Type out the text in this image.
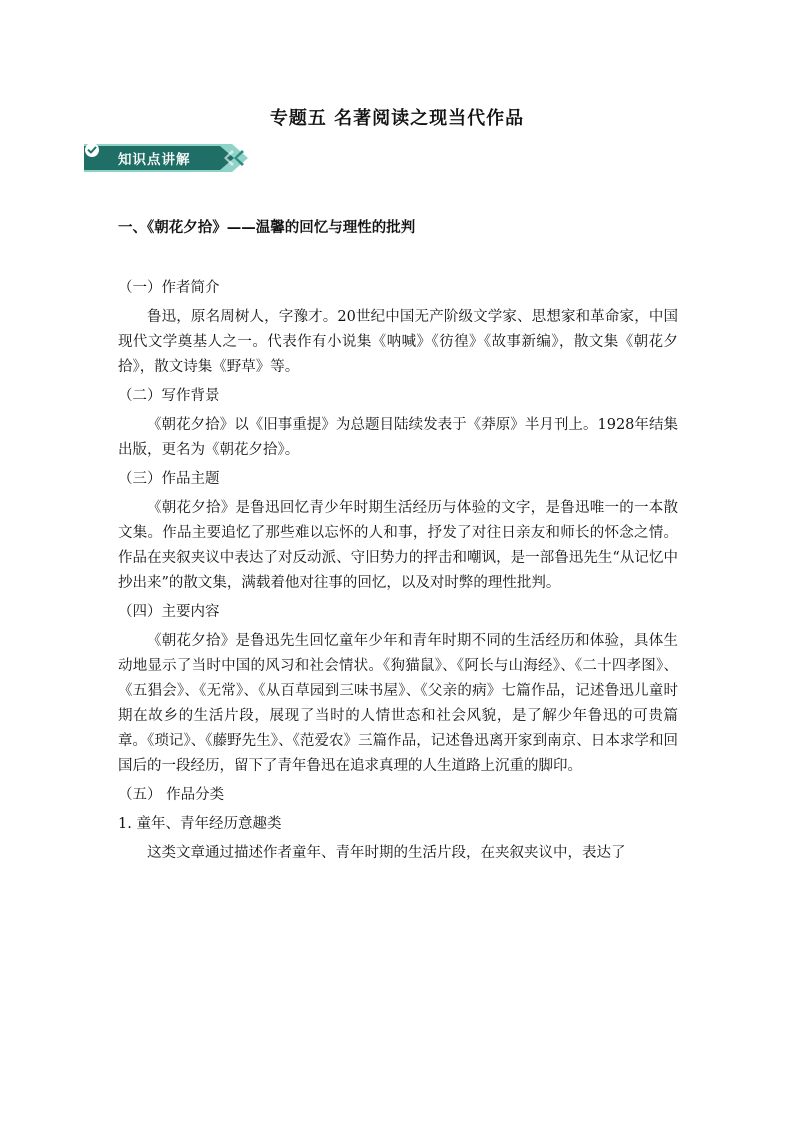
专题五 名著阅读之现当代作品
知识点讲解
一、《朝花夕拾》——温馨的回忆与理性的批判

（一）作者简介

鲁迅，原名周树人，字豫才。20世纪中国无产阶级文学家、思想家和革命家，中国现代文学奠基人之一。代表作有小说集《呐喊》《彷徨》《故事新编》，散文集《朝花夕拾》，散文诗集《野草》等。

（二）写作背景

《朝花夕拾》以《旧事重提》为总题目陆续发表于《莽原》半月刊上。1928年结集出版，更名为《朝花夕拾》。

（三）作品主题

《朝花夕拾》是鲁迅回忆青少年时期生活经历与体验的文字，是鲁迅唯一的一本散文集。作品主要追忆了那些难以忘怀的人和事，抒发了对往日亲友和师长的怀念之情。作品在夹叙夹议中表达了对反动派、守旧势力的抨击和嘲讽，是一部鲁迅先生“从记忆中抄出来”的散文集，满载着他对往事的回忆，以及对时弊的理性批判。

（四）主要内容

《朝花夕拾》是鲁迅先生回忆童年少年和青年时期不同的生活经历和体验，具体生动地显示了当时中国的风习和社会情状。《狗猫鼠》、《阿长与山海经》、《二十四孝图》、《五猖会》、《无常》、《从百草园到三味书屋》、《父亲的病》七篇作品，记述鲁迅儿童时期在故乡的生活片段，展现了当时的人情世态和社会风貌，是了解少年鲁迅的可贵篇章。《琐记》、《藤野先生》、《范爱农》三篇作品，记述鲁迅离开家到南京、日本求学和回国后的一段经历，留下了青年鲁迅在追求真理的人生道路上沉重的脚印。

（五） 作品分类

1. 童年、青年经历意趣类

这类文章通过描述作者童年、青年时期的生活片段，在夹叙夹议中，表达了
